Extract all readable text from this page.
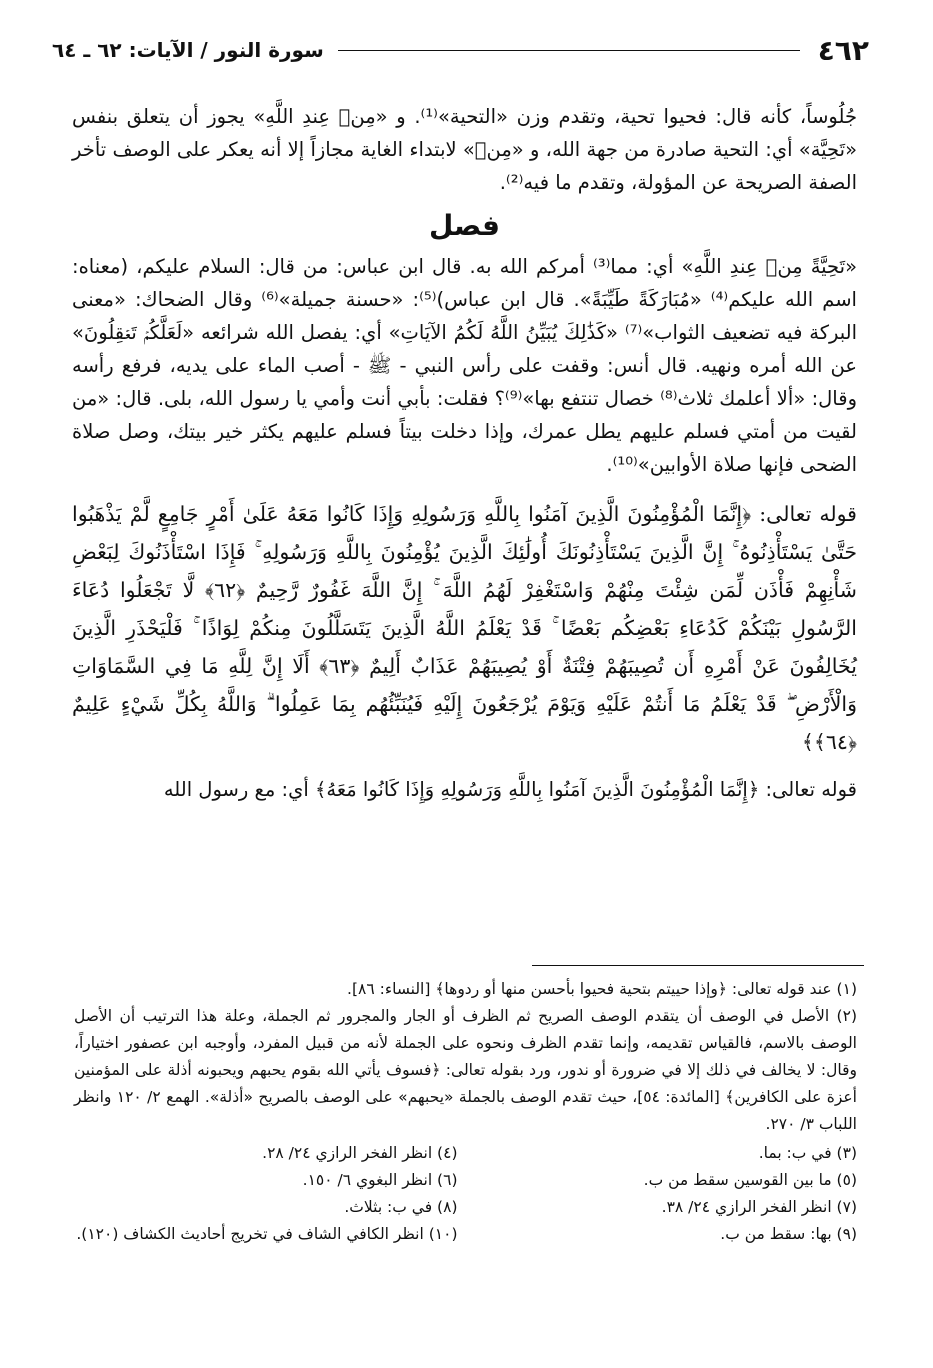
٤٦٢
سورة النور / الآيات: ٦٢ ـ ٦٤

جُلُوساً، كأنه قال: فحيوا تحية، وتقدم وزن «التحية»⁽¹⁾. و «مِنۡ عِندِ اللَّهِ» يجوز أن يتعلق بنفس «تَحِيَّة» أي: التحية صادرة من جهة الله، و «مِنۡ» لابتداء الغاية مجازاً إلا أنه يعكر على الوصف تأخر الصفة الصريحة عن المؤولة، وتقدم ما فيه⁽²⁾.

فصل

«تَحِيَّةً مِنۡ عِندِ اللَّهِ» أي: مما⁽³⁾ أمركم الله به. قال ابن عباس: من قال: السلام عليكم، (معناه: اسم الله عليكم⁽⁴⁾ «مُبَارَكَةً طَيِّبَةً». قال ابن عباس)⁽⁵⁾: «حسنة جميلة»⁽⁶⁾ وقال الضحاك: «معنى البركة فيه تضعيف الثواب»⁽⁷⁾ «كَذَٰلِكَ يُبَيِّنُ اللَّهُ لَكُمُ الآيَاتِ» أي: يفصل الله شرائعه «لَعَلَّكُمۡ تَعۡقِلُونَ» عن الله أمره ونهيه. قال أنس: وقفت على رأس النبي - ﷺ - أصب الماء على يديه، فرفع رأسه وقال: «ألا أعلمك ثلاث⁽⁸⁾ خصال تنتفع بها»⁽⁹⁾؟ فقلت: بأبي أنت وأمي يا رسول الله، بلى. قال: «من لقيت من أمتي فسلم عليهم يطل عمرك، وإذا دخلت بيتاً فسلم عليهم يكثر خير بيتك، وصل صلاة الضحى فإنها صلاة الأوابين»⁽¹⁰⁾.

قوله تعالى: ﴿إِنَّمَا الْمُؤْمِنُونَ الَّذِينَ آمَنُوا بِاللَّهِ وَرَسُولِهِ وَإِذَا كَانُوا مَعَهُ عَلَىٰ أَمْرٍ جَامِعٍ لَّمْ يَذْهَبُوا حَتَّىٰ يَسْتَأْذِنُوهُ ۚ إِنَّ الَّذِينَ يَسْتَأْذِنُونَكَ أُولَٰئِكَ الَّذِينَ يُؤْمِنُونَ بِاللَّهِ وَرَسُولِهِ ۚ فَإِذَا اسْتَأْذَنُوكَ لِبَعْضِ شَأْنِهِمْ فَأْذَن لِّمَن شِئْتَ مِنْهُمْ وَاسْتَغْفِرْ لَهُمُ اللَّهَ ۚ إِنَّ اللَّهَ غَفُورٌ رَّحِيمٌ ﴿٦٢﴾ لَّا تَجْعَلُوا دُعَاءَ الرَّسُولِ بَيْنَكُمْ كَدُعَاءِ بَعْضِكُم بَعْضًا ۚ قَدْ يَعْلَمُ اللَّهُ الَّذِينَ يَتَسَلَّلُونَ مِنكُمْ لِوَاذًا ۚ فَلْيَحْذَرِ الَّذِينَ يُخَالِفُونَ عَنْ أَمْرِهِ أَن تُصِيبَهُمْ فِتْنَةٌ أَوْ يُصِيبَهُمْ عَذَابٌ أَلِيمٌ ﴿٦٣﴾ أَلَا إِنَّ لِلَّهِ مَا فِي السَّمَاوَاتِ وَالْأَرْضِ ۖ قَدْ يَعْلَمُ مَا أَنتُمْ عَلَيْهِ وَيَوْمَ يُرْجَعُونَ إِلَيْهِ فَيُنَبِّئُهُم بِمَا عَمِلُوا ۗ وَاللَّهُ بِكُلِّ شَيْءٍ عَلِيمٌ ﴿٦٤﴾﴾

قوله تعالى: ﴿إِنَّمَا الْمُؤْمِنُونَ الَّذِينَ آمَنُوا بِاللَّهِ وَرَسُولِهِ وَإِذَا كَانُوا مَعَهُ﴾ أي: مع رسول الله

(١) عند قوله تعالى: ﴿وإذا حييتم بتحية فحيوا بأحسن منها أو ردوها﴾ [النساء: ٨٦].

(٢) الأصل في الوصف أن يتقدم الوصف الصريح ثم الظرف أو الجار والمجرور ثم الجملة، وعلة هذا الترتيب أن الأصل الوصف بالاسم، فالقياس تقديمه، وإنما تقدم الظرف ونحوه على الجملة لأنه من قبيل المفرد، وأوجبه ابن عصفور اختياراً، وقال: لا يخالف في ذلك إلا في ضرورة أو ندور، ورد بقوله تعالى: ﴿فسوف يأتي الله بقوم يحبهم ويحبونه أذلة على المؤمنين أعزة على الكافرين﴾ [المائدة: ٥٤]، حيث تقدم الوصف بالجملة «يحبهم» على الوصف بالصريح «أذلة». الهمع ٢/ ١٢٠ وانظر اللباب ٣/ ٢٧٠.

(٣) في ب: بما.
(٤) انظر الفخر الرازي ٢٤/ ٢٨.
(٥) ما بين القوسين سقط من ب.
(٦) انظر البغوي ٦/ ١٥٠.
(٧) انظر الفخر الرازي ٢٤/ ٣٨.
(٨) في ب: بثلاث.
(٩) بها: سقط من ب.
(١٠) انظر الكافي الشاف في تخريج أحاديث الكشاف (١٢٠).
